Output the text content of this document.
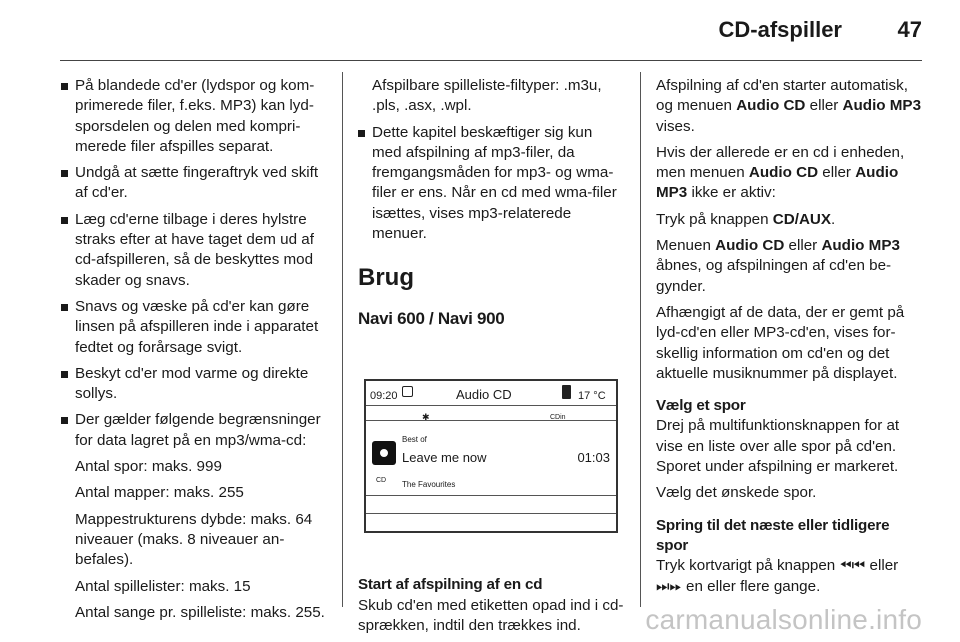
CD-afspiller	47

På blandede cd'er (lydspor og komprimerede filer, f.eks. MP3) kan lydsporsdelen og delen med komprimerede filer afspilles separat.

Undgå at sætte fingeraftryk ved skift af cd'er.

Læg cd'erne tilbage i deres hylstre straks efter at have taget dem ud af cd-afspilleren, så de beskyttes mod skader og snavs.

Snavs og væske på cd'er kan gøre linsen på afspilleren inde i apparatet fedtet og forårsage svigt.

Beskyt cd'er mod varme og direkte sollys.

Der gælder følgende begrænsninger for data lagret på en mp3/wma-cd:

Antal spor: maks. 999

Antal mapper: maks. 255

Mappestrukturens dybde: maks. 64 niveauer (maks. 8 niveauer anbefales).

Antal spillelister: maks. 15

Antal sange pr. spilleliste: maks. 255.

Afspilbare spilleliste-filtyper: .m3u, .pls, .asx, .wpl.

Dette kapitel beskæftiger sig kun med afspilning af mp3-filer, da fremgangsmåden for mp3- og wma-filer er ens. Når en cd med wma-filer isættes, vises mp3-relaterede menuer.

Brug
Navi 600 / Navi 900
09:20	Audio CD	17 °C
✱	CDin
CD
Best of
Leave me now	01:03
The Favourites

Start af afspilning af en cd

Skub cd'en med etiketten opad ind i cd-sprækken, indtil den trækkes ind.

Afspilning af cd'en starter automatisk, og menuen Audio CD eller Audio MP3 vises.

Hvis der allerede er en cd i enheden, men menuen Audio CD eller Audio MP3 ikke er aktiv:

Tryk på knappen CD/AUX.

Menuen Audio CD eller Audio MP3 åbnes, og afspilningen af cd'en begynder.

Afhængigt af de data, der er gemt på lyd-cd'en eller MP3-cd'en, vises forskellig information om cd'en og det aktuelle musiknummer på displayet.

Vælg et spor

Drej på multifunktionsknappen for at vise en liste over alle spor på cd'en. Sporet under afspilning er markeret.

Vælg det ønskede spor.

Spring til det næste eller tidligere spor

Tryk kortvarigt på knappen ⏪︎⏮︎ eller ⏭︎⏩︎ en eller flere gange.

carmanualsonline.info
